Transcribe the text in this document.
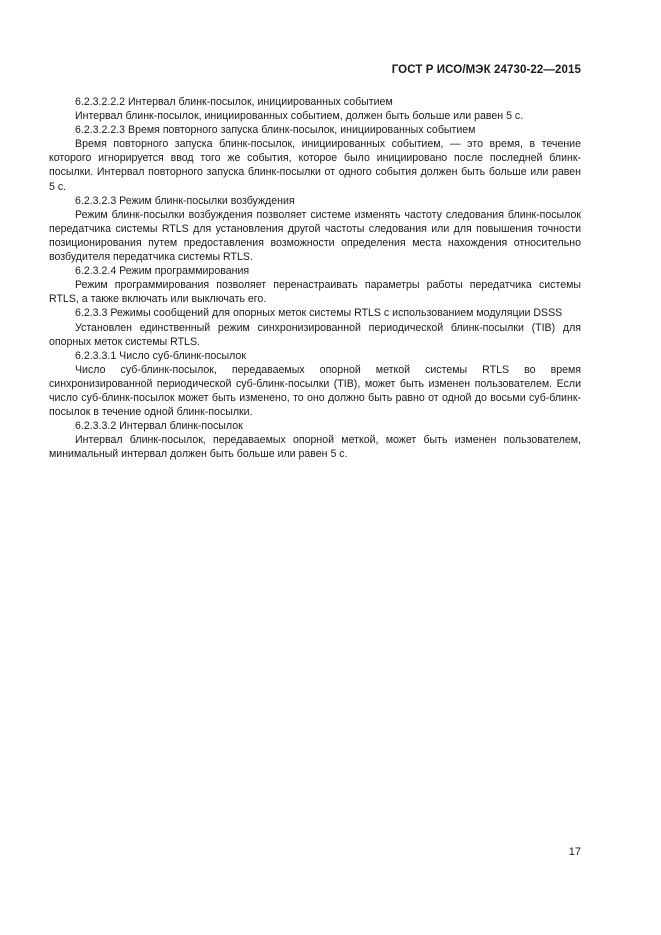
ГОСТ Р ИСО/МЭК 24730-22—2015

6.2.3.2.2.2 Интервал блинк-посылок, инициированных событием

Интервал блинк-посылок, инициированных событием, должен быть больше или равен 5 с.

6.2.3.2.2.3 Время повторного запуска блинк-посылок, инициированных событием

Время повторного запуска блинк-посылок, инициированных событием, — это время, в течение которого игнорируется ввод того же события, которое было инициировано после последней блинк-посылки. Интервал повторного запуска блинк-посылки от одного события должен быть больше или равен 5 с.

6.2.3.2.3 Режим блинк-посылки возбуждения

Режим блинк-посылки возбуждения позволяет системе изменять частоту следования блинк-посылок передатчика системы RTLS для установления другой частоты следования или для повышения точности позиционирования путем предоставления возможности определения места нахождения относительно возбудителя передатчика системы RTLS.

6.2.3.2.4 Режим программирования

Режим программирования позволяет перенастраивать параметры работы передатчика системы RTLS, а также включать или выключать его.

6.2.3.3 Режимы сообщений для опорных меток системы RTLS с использованием модуляции DSSS

Установлен единственный режим синхронизированной периодической блинк-посылки (TIB) для опорных меток системы RTLS.

6.2.3.3.1 Число суб-блинк-посылок

Число суб-блинк-посылок, передаваемых опорной меткой системы RTLS во время синхронизированной периодической суб-блинк-посылки (TIB), может быть изменен пользователем. Если число суб-блинк-посылок может быть изменено, то оно должно быть равно от одной до восьми суб-блинк-посылок в течение одной блинк-посылки.

6.2.3.3.2 Интервал блинк-посылок

Интервал блинк-посылок, передаваемых опорной меткой, может быть изменен пользователем, минимальный интервал должен быть больше или равен 5 с.

17
